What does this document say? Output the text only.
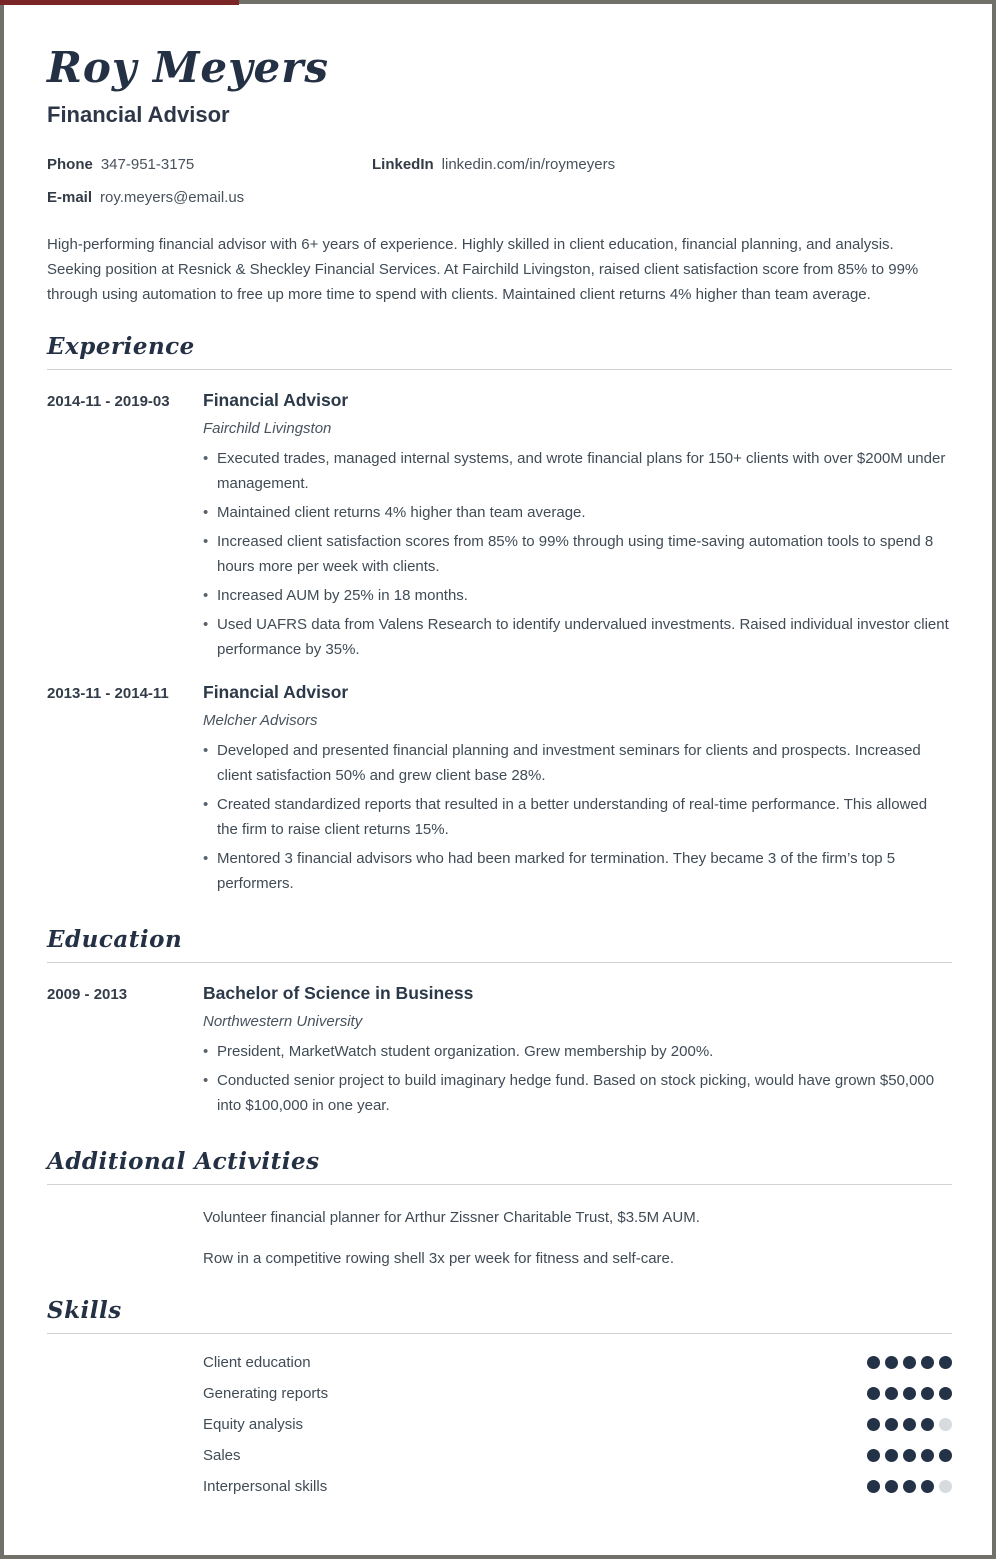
Roy Meyers
Financial Advisor
Phone 347-951-3175	LinkedIn linkedin.com/in/roymeyers
E-mail roy.meyers@email.us

High-performing financial advisor with 6+ years of experience. Highly skilled in client education, financial planning, and analysis. Seeking position at Resnick & Sheckley Financial Services. At Fairchild Livingston, raised client satisfaction score from 85% to 99% through using automation to free up more time to spend with clients. Maintained client returns 4% higher than team average.

Experience
2014-11 - 2019-03	Financial Advisor
Fairchild Livingston
• Executed trades, managed internal systems, and wrote financial plans for 150+ clients with over $200M under management.
• Maintained client returns 4% higher than team average.
• Increased client satisfaction scores from 85% to 99% through using time-saving automation tools to spend 8 hours more per week with clients.
• Increased AUM by 25% in 18 months.
• Used UAFRS data from Valens Research to identify undervalued investments. Raised individual investor client performance by 35%.
2013-11 - 2014-11	Financial Advisor
Melcher Advisors
• Developed and presented financial planning and investment seminars for clients and prospects. Increased client satisfaction 50% and grew client base 28%.
• Created standardized reports that resulted in a better understanding of real-time performance. This allowed the firm to raise client returns 15%.
• Mentored 3 financial advisors who had been marked for termination. They became 3 of the firm’s top 5 performers.
Education
2009 - 2013	Bachelor of Science in Business
Northwestern University
• President, MarketWatch student organization. Grew membership by 200%.
• Conducted senior project to build imaginary hedge fund. Based on stock picking, would have grown $50,000 into $100,000 in one year.
Additional Activities

Volunteer financial planner for Arthur Zissner Charitable Trust, $3.5M AUM.

Row in a competitive rowing shell 3x per week for fitness and self-care.

Skills
Client education
Generating reports
Equity analysis
Sales
Interpersonal skills
